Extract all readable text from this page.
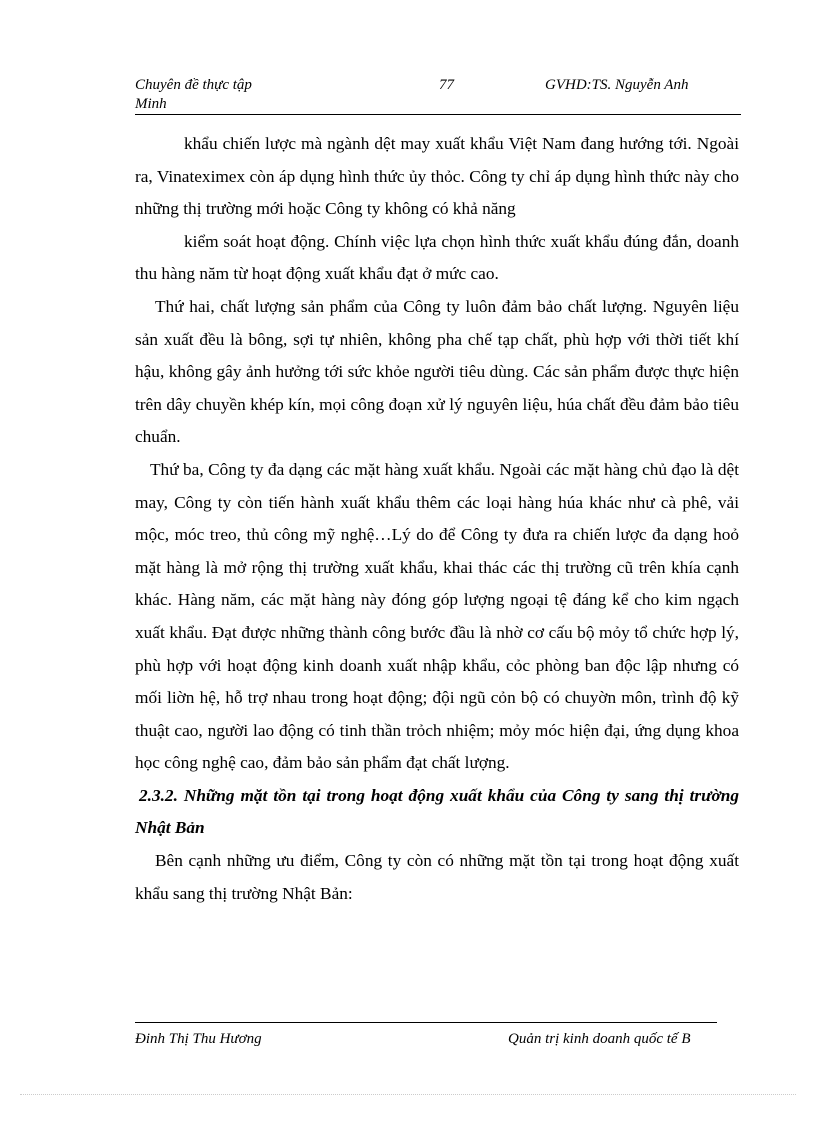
Chuyên đề thực tập
Minh
77	GVHD:TS. Nguyễn Anh

khẩu chiến lược mà ngành dệt may xuất khẩu Việt Nam đang hướng tới. Ngoài ra, Vinateximex còn áp dụng hình thức ủy thỏc. Công ty chỉ áp dụng hình thức này cho những thị trường mới hoặc Công ty không có khả năng

kiểm soát hoạt động. Chính việc lựa chọn hình thức xuất khẩu đúng đắn, doanh thu hàng năm từ hoạt động xuất khẩu đạt ở mức cao.

Thứ hai, chất lượng sản phẩm của Công ty luôn đảm bảo chất lượng. Nguyên liệu sản xuất đều là bông, sợi tự nhiên, không pha chế tạp chất, phù hợp với thời tiết khí hậu, không gây ảnh hưởng tới sức khỏe người tiêu dùng. Các sản phẩm được thực hiện trên dây chuyền khép kín, mọi công đoạn xử lý nguyên liệu, húa chất đều đảm bảo tiêu chuẩn.

Thứ ba, Công ty đa dạng các mặt hàng xuất khẩu. Ngoài các mặt hàng chủ đạo là dệt may, Công ty còn tiến hành xuất khẩu thêm các loại hàng húa khác như cà phê, vải mộc, móc treo, thủ công mỹ nghệ…Lý do để Công ty đưa ra chiến lược đa dạng hoỏ mặt hàng là mở rộng thị trường xuất khẩu, khai thác các thị trường cũ trên khía cạnh khác. Hàng năm, các mặt hàng này đóng góp lượng ngoại tệ đáng kể cho kim ngạch xuất khẩu. Đạt được những thành công bước đầu là nhờ cơ cấu bộ mỏy tổ chức hợp lý, phù hợp với hoạt động kinh doanh xuất nhập khẩu, cỏc phòng ban độc lập nhưng có mối liờn hệ, hỗ trợ nhau trong hoạt động; đội ngũ cỏn bộ có chuyờn môn, trình độ kỹ thuật cao, người lao động có tinh thần trỏch nhiệm; mỏy móc hiện đại, ứng dụng khoa học công nghệ cao, đảm bảo sản phẩm đạt chất lượng.

2.3.2. Những mặt tồn tại trong hoạt động xuất khẩu của Công ty sang thị trường Nhật Bản

Bên cạnh những ưu điểm, Công ty còn có những mặt tồn tại trong hoạt động xuất khẩu sang thị trường Nhật Bản:

Đinh Thị Thu Hương	Quản trị kinh doanh quốc tế B
